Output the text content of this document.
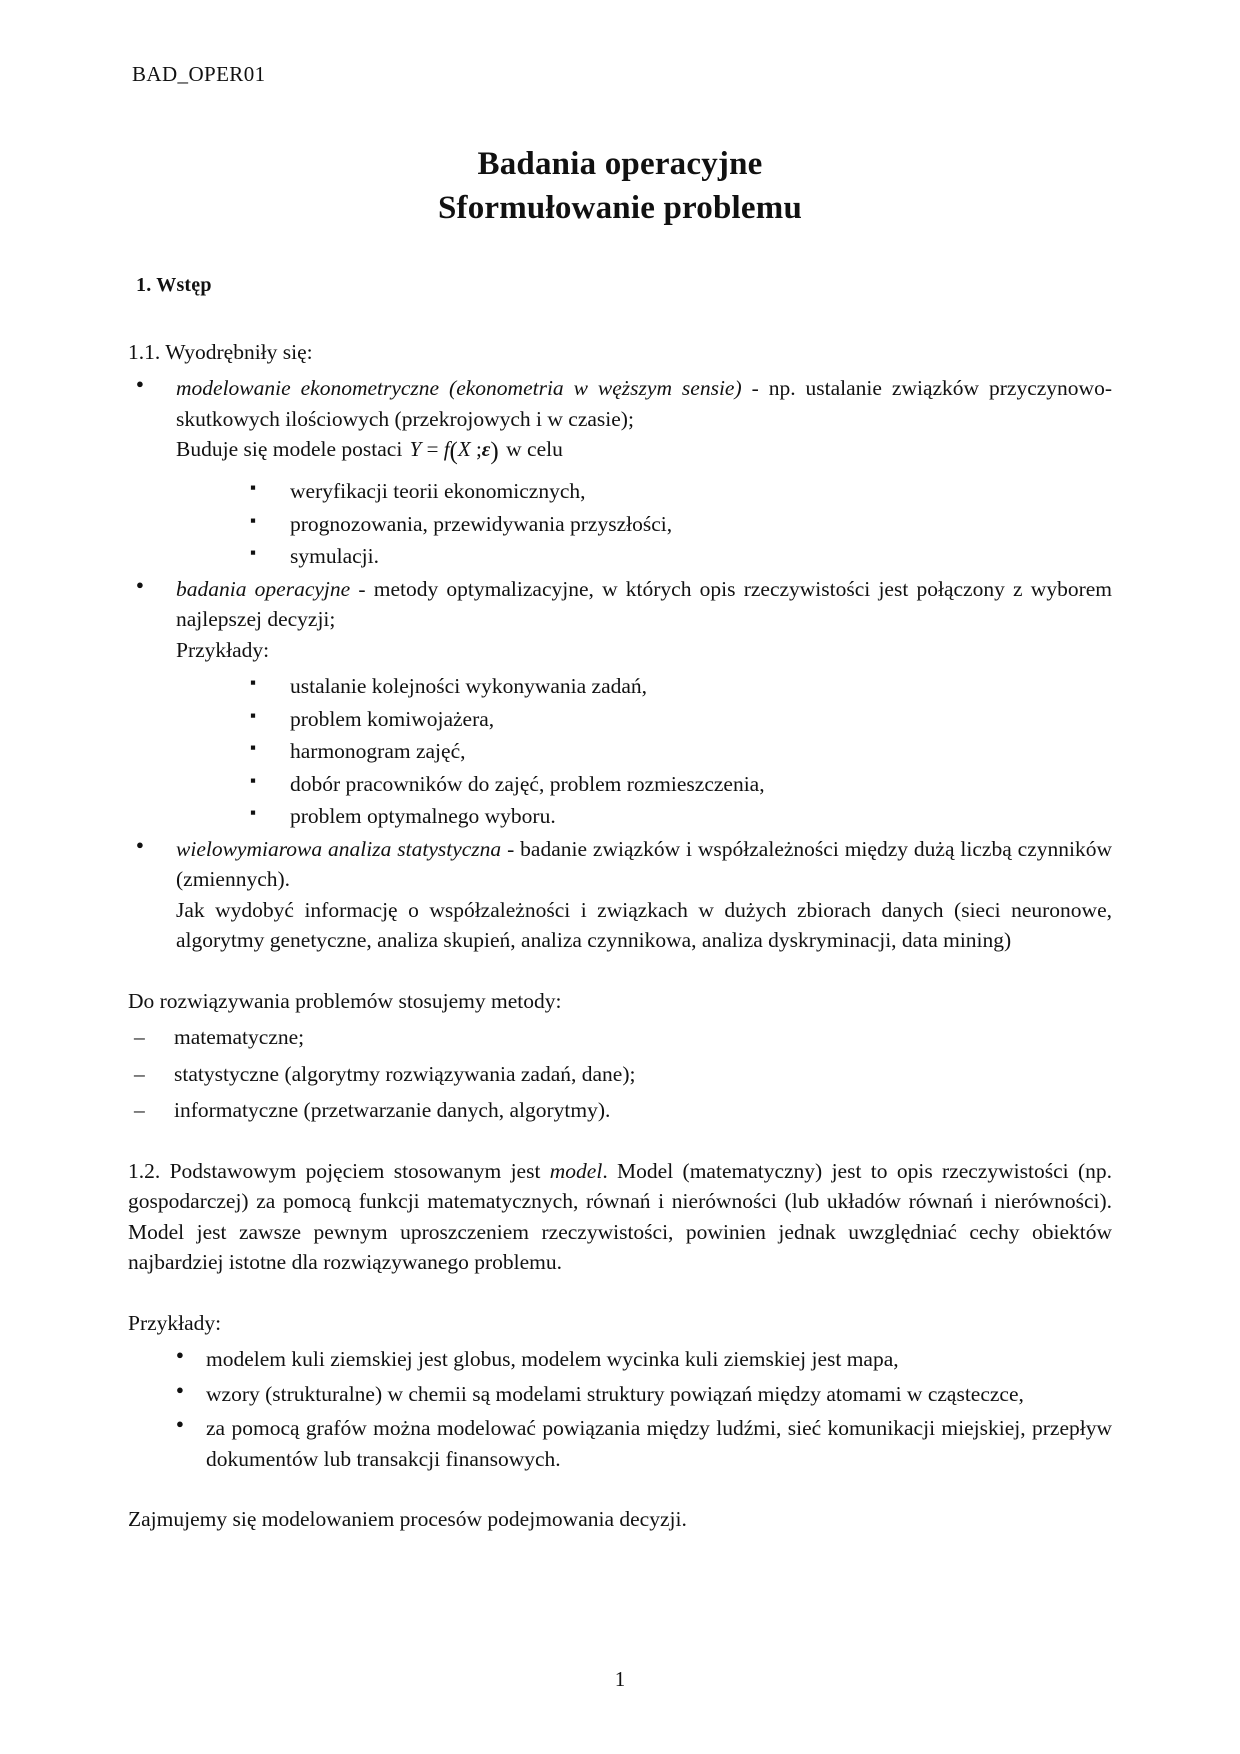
BAD_OPER01
Badania operacyjne
Sformułowanie problemu
1. Wstęp

1.1. Wyodrębniły się:

● modelowanie ekonometryczne (ekonometria w węższym sensie) - np. ustalanie związków przyczynowo-skutkowych ilościowych (przekrojowych i w czasie);

Buduje się modele postaci Y = f(X ;ε) w celu

▪ weryfikacji teorii ekonomicznych,
▪ prognozowania, przewidywania przyszłości,
▪ symulacji.
● badania operacyjne - metody optymalizacyjne, w których opis rzeczywistości jest połączony z wyborem najlepszej decyzji;

Przykłady:

▪ ustalanie kolejności wykonywania zadań,
▪ problem komiwojażera,
▪ harmonogram zajęć,
▪ dobór pracowników do zajęć, problem rozmieszczenia,
▪ problem optymalnego wyboru.
● wielowymiarowa analiza statystyczna - badanie związków i współzależności między dużą liczbą czynników (zmiennych).

Jak wydobyć informację o współzależności i związkach w dużych zbiorach danych (sieci neuronowe, algorytmy genetyczne, analiza skupień, analiza czynnikowa, analiza dyskryminacji, data mining)

Do rozwiązywania problemów stosujemy metody:

– matematyczne;
– statystyczne (algorytmy rozwiązywania zadań, dane);
– informatyczne (przetwarzanie danych, algorytmy).

1.2. Podstawowym pojęciem stosowanym jest model. Model (matematyczny) jest to opis rzeczywistości (np. gospodarczej) za pomocą funkcji matematycznych, równań i nierówności (lub układów równań i nierówności). Model jest zawsze pewnym uproszczeniem rzeczywistości, powinien jednak uwzględniać cechy obiektów najbardziej istotne dla rozwiązywanego problemu.

Przykłady:

● modelem kuli ziemskiej jest globus, modelem wycinka kuli ziemskiej jest mapa,
● wzory (strukturalne) w chemii są modelami struktury powiązań między atomami w cząsteczce,
● za pomocą grafów można modelować powiązania między ludźmi, sieć komunikacji miejskiej, przepływ dokumentów lub transakcji finansowych.

Zajmujemy się modelowaniem procesów podejmowania decyzji.

1
